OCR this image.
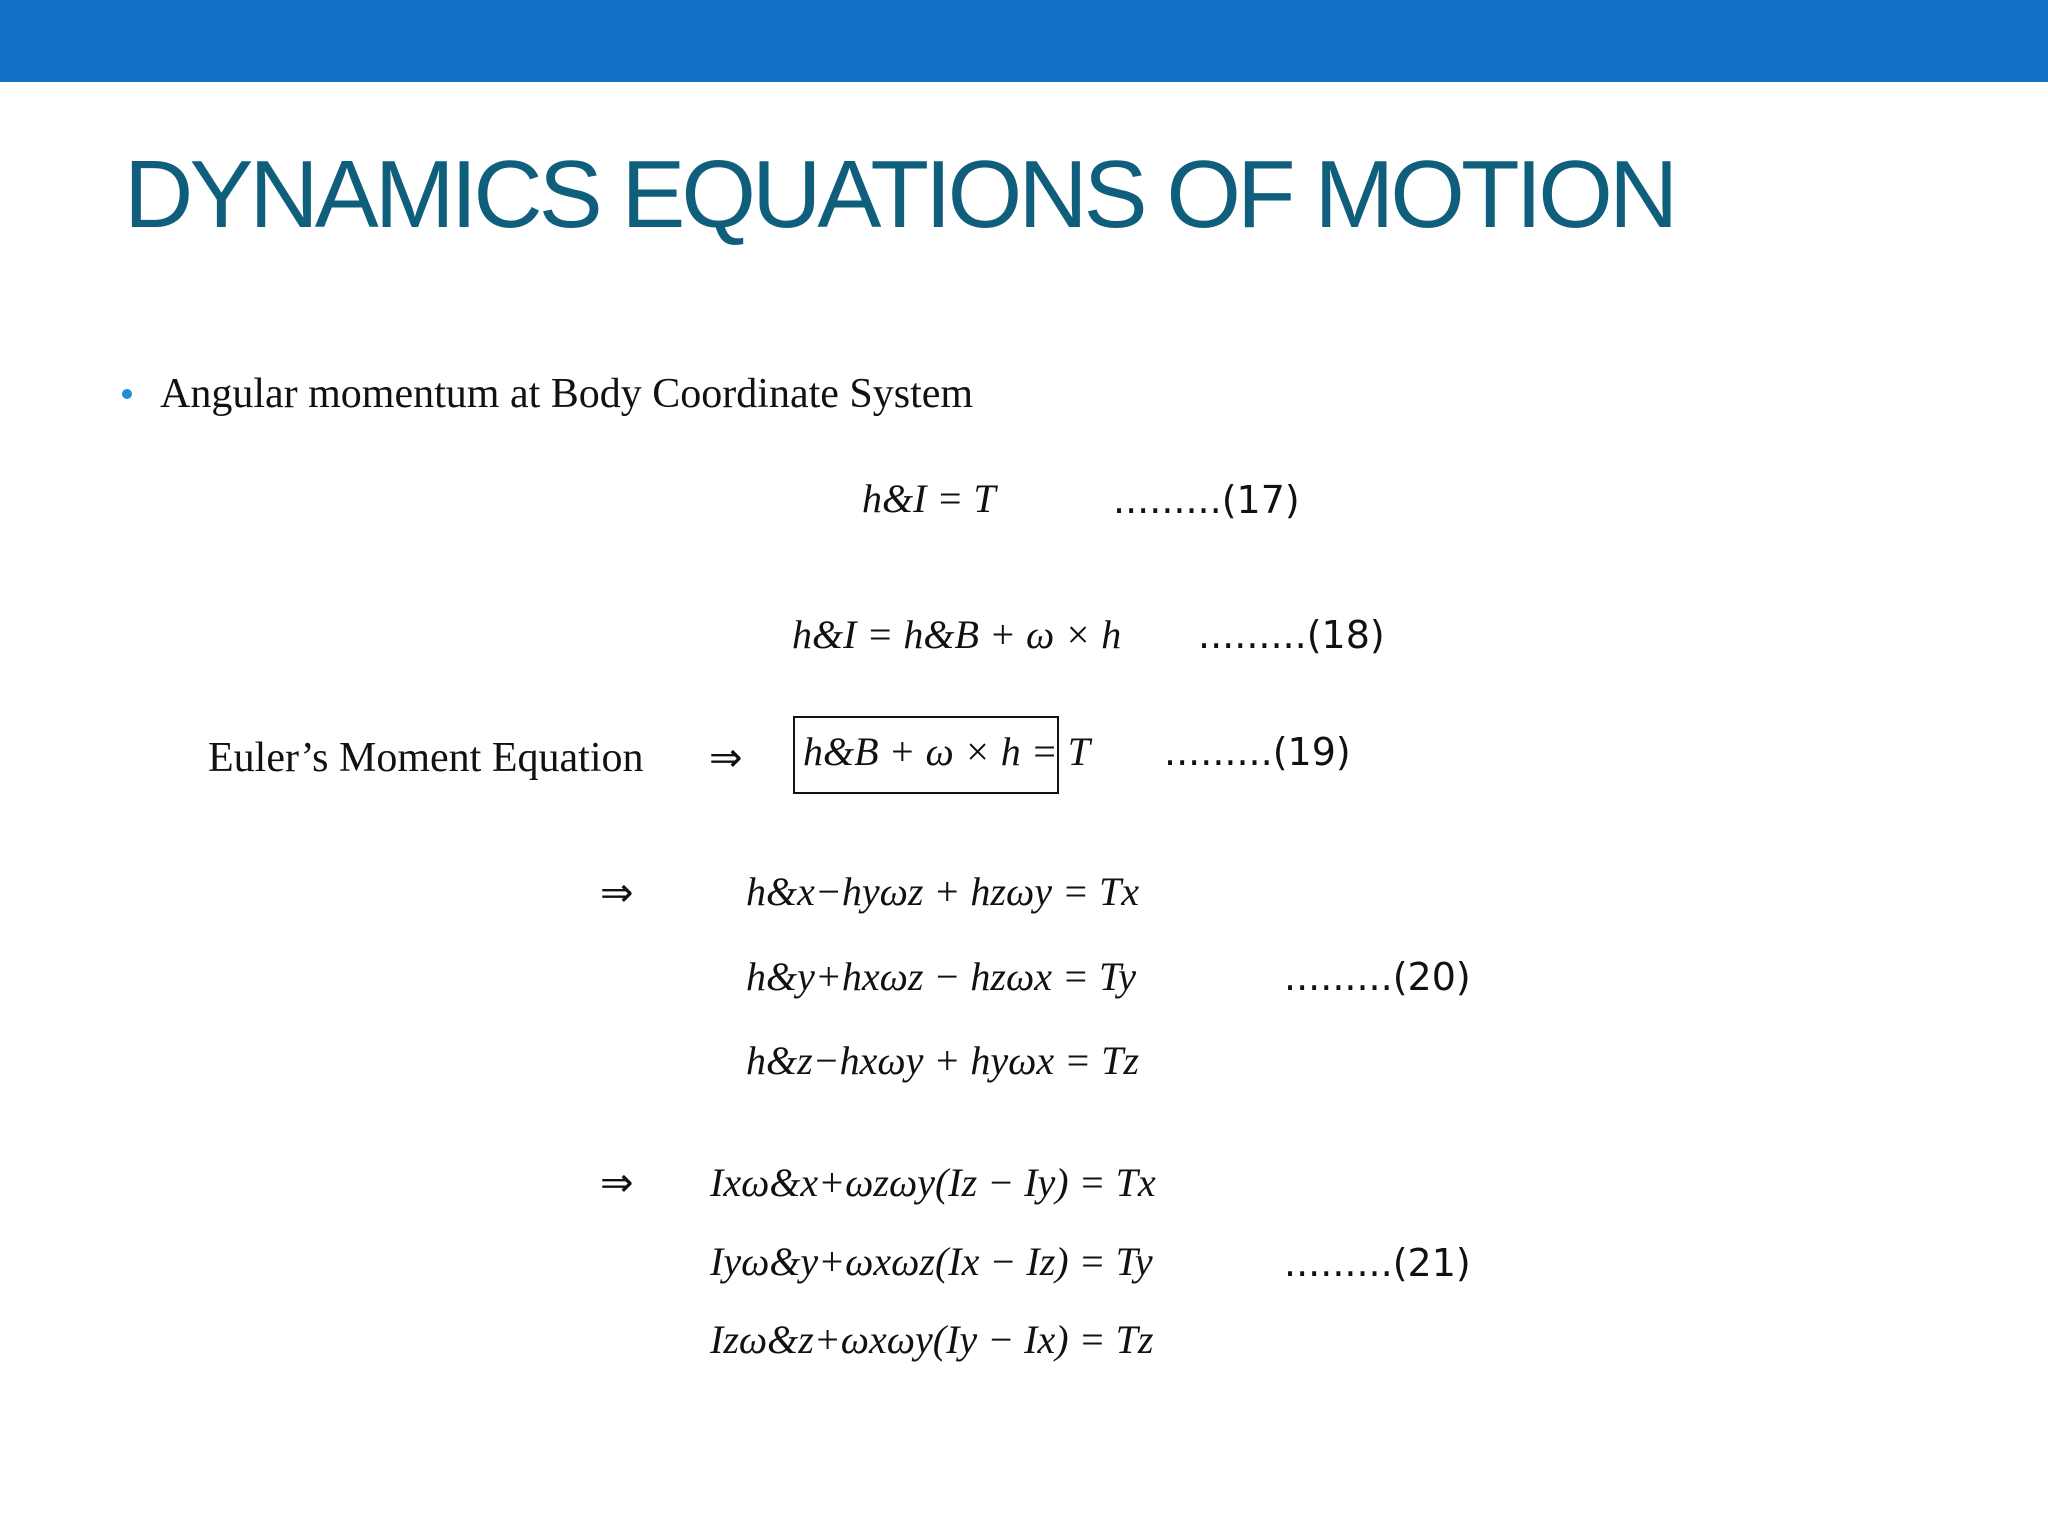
DYNAMICS EQUATIONS OF MOTION
Angular momentum at Body Coordinate System
h&I = T	.........(17)
h&I = h&B + ω × h .........(18)
Euler’s Moment Equation ⇒ h&B + ω × h = T .........(19)
⇒	h&x−hyωz + hzωy = Tx
h&y+hxωz − hzωx = Ty
h&z−hxωy + hyωx = Tz
.........(20)
⇒ Ixω&x+ωzωy(Iz − Iy) = Tx
Iyω&y+ωxωz(Ix − Iz) = Ty
Izω&z+ωxωy(Iy − Ix) = Tz
.........(21)
